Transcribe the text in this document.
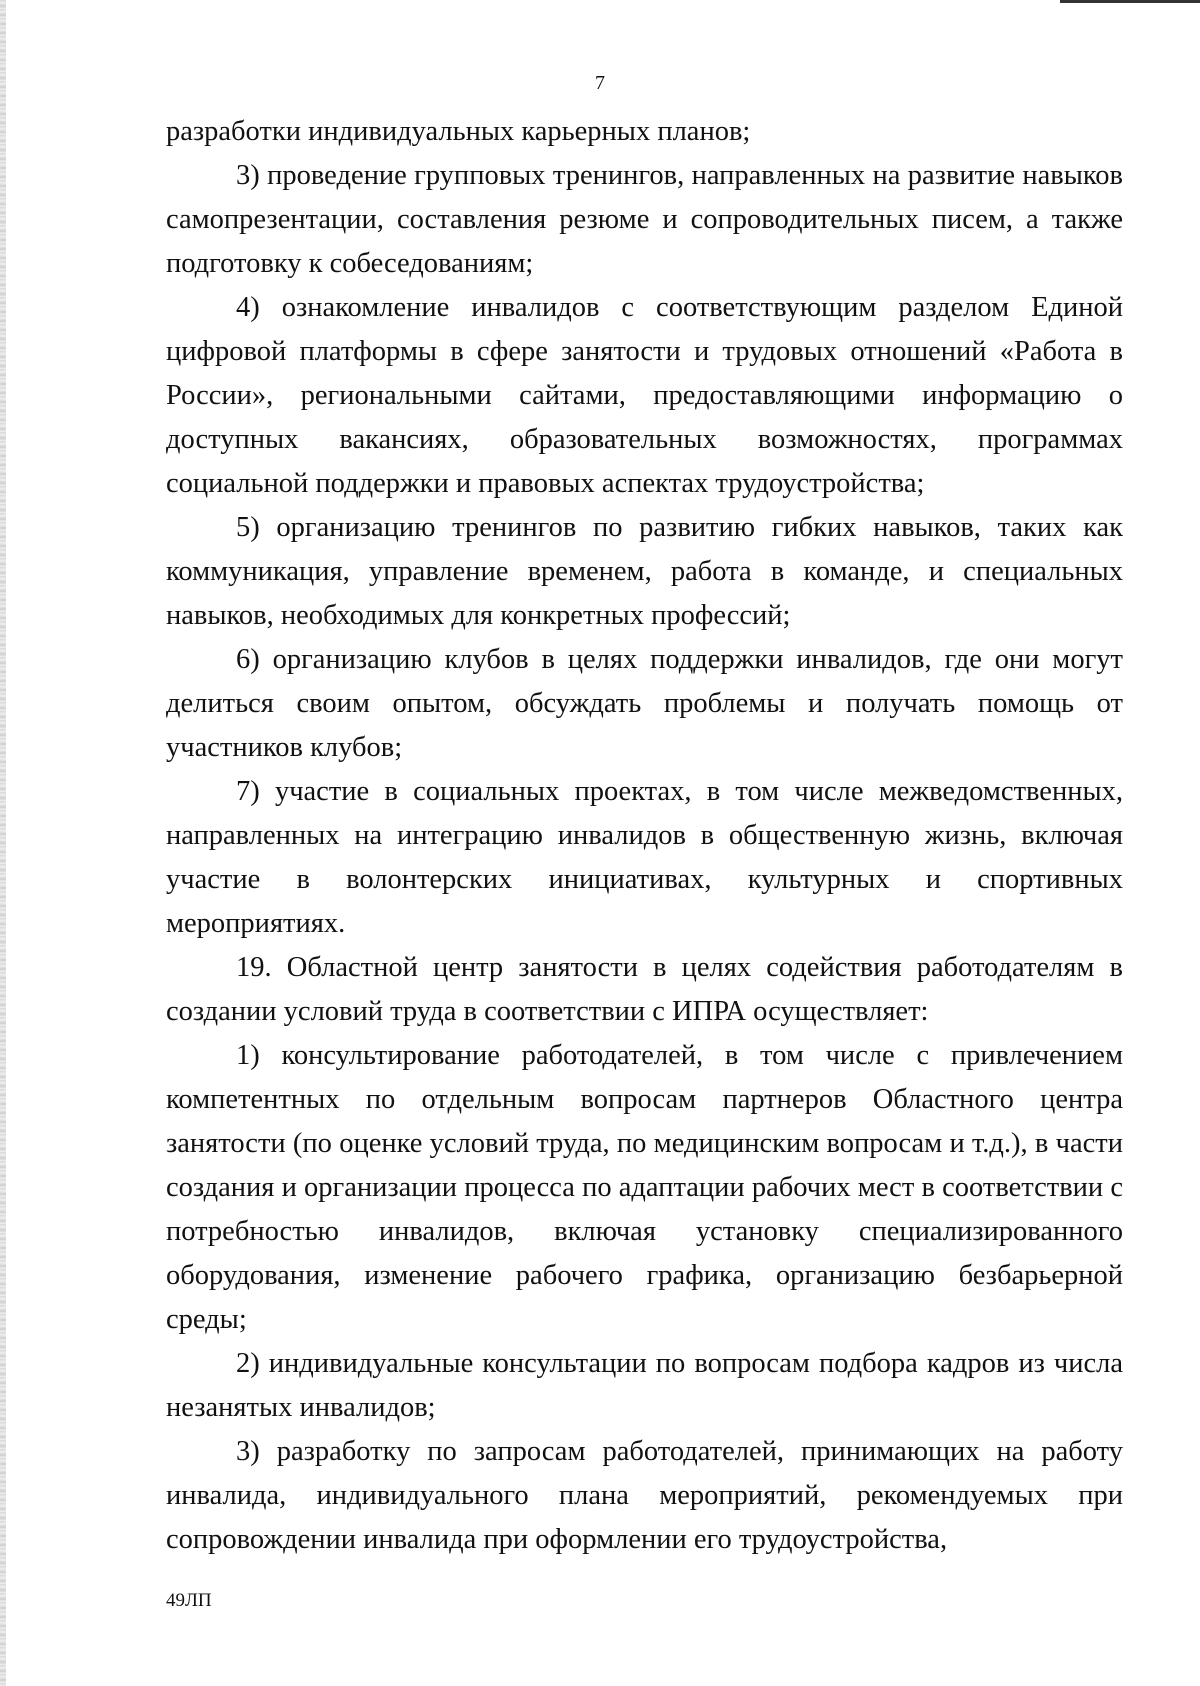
7

разработки индивидуальных карьерных планов;

3) проведение групповых тренингов, направленных на развитие навыков самопрезентации, составления резюме и сопроводительных писем, а также подготовку к собеседованиям;

4) ознакомление инвалидов с соответствующим разделом Единой цифровой платформы в сфере занятости и трудовых отношений «Работа в России», региональными сайтами, предоставляющими информацию о доступных вакансиях, образовательных возможностях, программах социальной поддержки и правовых аспектах трудоустройства;

5) организацию тренингов по развитию гибких навыков, таких как коммуникация, управление временем, работа в команде, и специальных навыков, необходимых для конкретных профессий;

6) организацию клубов в целях поддержки инвалидов, где они могут делиться своим опытом, обсуждать проблемы и получать помощь от участников клубов;

7) участие в социальных проектах, в том числе межведомственных, направленных на интеграцию инвалидов в общественную жизнь, включая участие в волонтерских инициативах, культурных и спортивных мероприятиях.

19. Областной центр занятости в целях содействия работодателям в создании условий труда в соответствии с ИПРА осуществляет:

1) консультирование работодателей, в том числе с привлечением компетентных по отдельным вопросам партнеров Областного центра занятости (по оценке условий труда, по медицинским вопросам и т.д.), в части создания и организации процесса по адаптации рабочих мест в соответствии с потребностью инвалидов, включая установку специализированного оборудования, изменение рабочего графика, организацию безбарьерной среды;

2) индивидуальные консультации по вопросам подбора кадров из числа незанятых инвалидов;

3) разработку по запросам работодателей, принимающих на работу инвалида, индивидуального плана мероприятий, рекомендуемых при сопровождении инвалида при оформлении его трудоустройства,

49ЛП
